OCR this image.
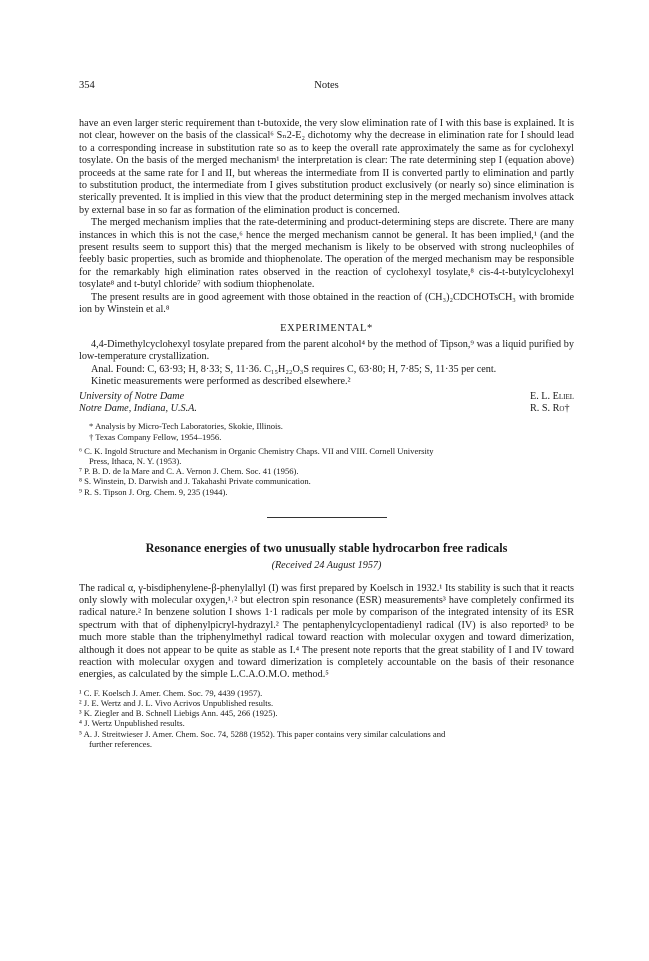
354	Notes

have an even larger steric requirement than t-butoxide, the very slow elimination rate of I with this base is explained. It is not clear, however on the basis of the classical⁶ Sₙ2-E₂ dichotomy why the decrease in elimination rate for I should lead to a corresponding increase in substitution rate so as to keep the overall rate approximately the same as for cyclohexyl tosylate. On the basis of the merged mechanism¹ the interpretation is clear: The rate determining step I (equation above) proceeds at the same rate for I and II, but whereas the intermediate from II is converted partly to elimination and partly to substitution product, the intermediate from I gives substitution product exclusively (or nearly so) since elimination is sterically prevented. It is implied in this view that the product determining step in the merged mechanism involves attack by external base in so far as formation of the elimination product is concerned.

The merged mechanism implies that the rate-determining and product-determining steps are discrete. There are many instances in which this is not the case,⁶ hence the merged mechanism cannot be general. It has been implied,¹ (and the present results seem to support this) that the merged mechanism is likely to be observed with strong nucleophiles of feebly basic properties, such as bromide and thiophenolate. The operation of the merged mechanism may be responsible for the remarkably high elimination rates observed in the reaction of cyclohexyl tosylate,⁸ cis-4-t-butylcyclohexyl tosylate⁸ and t-butyl chloride⁷ with sodium thiophenolate.

The present results are in good agreement with those obtained in the reaction of (CH₃)₂CDCHOTsCH₃ with bromide ion by Winstein et al.⁸

EXPERIMENTAL*

4,4-Dimethylcyclohexyl tosylate prepared from the parent alcohol⁴ by the method of Tipson,⁹ was a liquid purified by low-temperature crystallization.

Anal. Found: C, 63·93; H, 8·33; S, 11·36. C₁₅H₂₂O₃S requires C, 63·80; H, 7·85; S, 11·35 per cent.

Kinetic measurements were performed as described elsewhere.²

University of Notre Dame
Notre Dame, Indiana, U.S.A.
E. L. Eliel
R. S. Ro†
* Analysis by Micro-Tech Laboratories, Skokie, Illinois.
† Texas Company Fellow, 1954–1956.
⁶ C. K. Ingold Structure and Mechanism in Organic Chemistry Chaps. VII and VIII. Cornell University
Press, Ithaca, N. Y. (1953).
⁷ P. B. D. de la Mare and C. A. Vernon J. Chem. Soc. 41 (1956).
⁸ S. Winstein, D. Darwish and J. Takahashi Private communication.
⁹ R. S. Tipson J. Org. Chem. 9, 235 (1944).
Resonance energies of two unusually stable hydrocarbon free radicals
(Received 24 August 1957)

The radical α, γ-bisdiphenylene-β-phenylallyl (I) was first prepared by Koelsch in 1932.¹ Its stability is such that it reacts only slowly with molecular oxygen,¹˒² but electron spin resonance (ESR) measurements³ have completely confirmed its radical nature.² In benzene solution I shows 1·1 radicals per mole by comparison of the integrated intensity of its ESR spectrum with that of diphenylpicryl-hydrazyl.² The pentaphenylcyclopentadienyl radical (IV) is also reported³ to be much more stable than the triphenylmethyl radical toward reaction with molecular oxygen and toward dimerization, although it does not appear to be quite as stable as I.⁴ The present note reports that the great stability of I and IV toward reaction with molecular oxygen and toward dimerization is completely accountable on the basis of their resonance energies, as calculated by the simple L.C.A.O.M.O. method.⁵

¹ C. F. Koelsch J. Amer. Chem. Soc. 79, 4439 (1957).
² J. E. Wertz and J. L. Vivo Acrivos Unpublished results.
³ K. Ziegler and B. Schnell Liebigs Ann. 445, 266 (1925).
⁴ J. Wertz Unpublished results.
⁵ A. J. Streitwieser J. Amer. Chem. Soc. 74, 5288 (1952). This paper contains very similar calculations and
further references.
